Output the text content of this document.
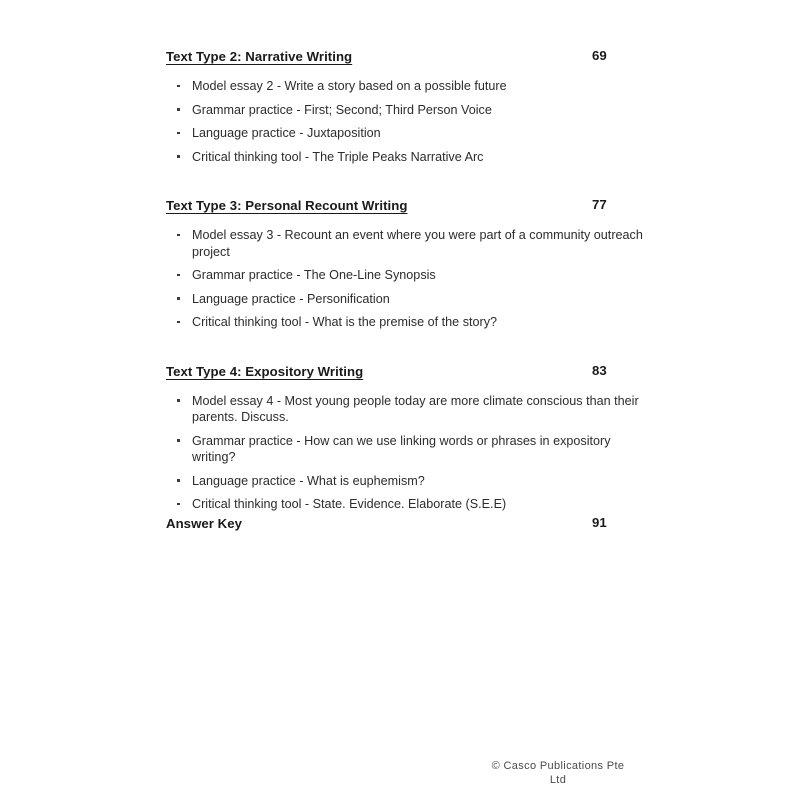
Text Type 2: Narrative Writing	69
Model essay 2 - Write a story based on a possible future
Grammar practice - First; Second; Third Person Voice
Language practice - Juxtaposition
Critical thinking tool - The Triple Peaks Narrative Arc
Text Type 3: Personal Recount Writing	77
Model essay 3 - Recount an event where you were part of a community outreach project
Grammar practice - The One-Line Synopsis
Language practice - Personification
Critical thinking tool - What is the premise of the story?
Text Type 4: Expository Writing	83
Model essay 4 - Most young people today are more climate conscious than their parents. Discuss.
Grammar practice - How can we use linking words or phrases in expository writing?
Language practice - What is euphemism?
Critical thinking tool - State. Evidence. Elaborate (S.E.E)
Answer Key	91
© Casco Publications Pte Ltd
